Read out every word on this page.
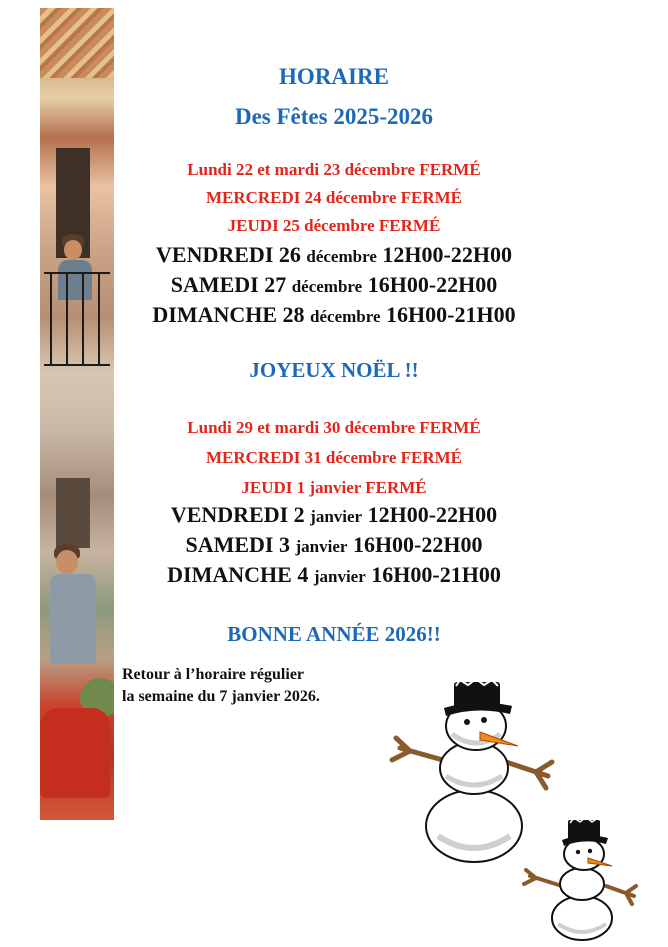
HORAIRE

Des Fêtes 2025-2026

Lundi 22 et mardi 23 décembre FERMÉ

MERCREDI 24 décembre FERMÉ

JEUDI 25 décembre FERMÉ

VENDREDI 26 décembre 12H00-22H00

SAMEDI 27 décembre 16H00-22H00

DIMANCHE 28 décembre 16H00-21H00

JOYEUX NOËL !!

Lundi 29 et mardi 30 décembre FERMÉ

MERCREDI 31 décembre FERMÉ

JEUDI 1 janvier FERMÉ

VENDREDI 2 janvier 12H00-22H00

SAMEDI 3 janvier 16H00-22H00

DIMANCHE 4 janvier 16H00-21H00

BONNE ANNÉE 2026!!

Retour à l’horaire régulier
la semaine du 7 janvier 2026.
